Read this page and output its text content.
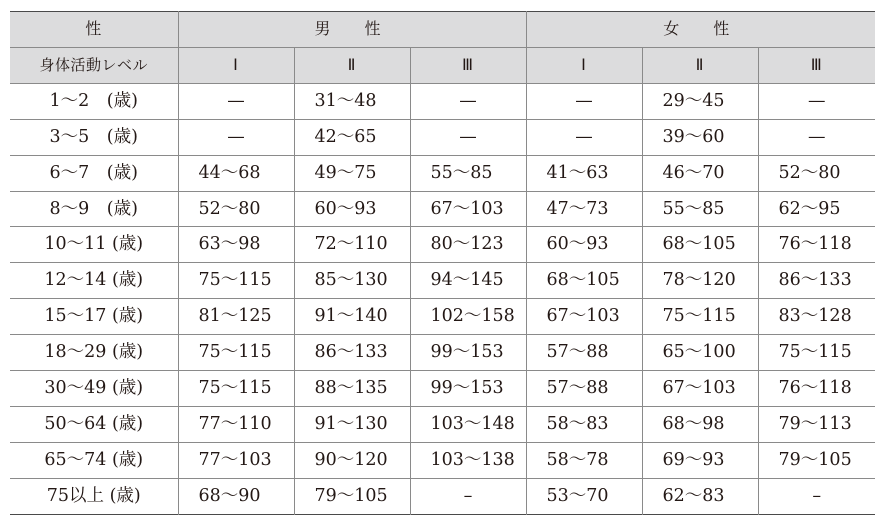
性	男　性			女　性		
身体活動レベル	Ⅰ	Ⅱ	Ⅲ	Ⅰ	Ⅱ	Ⅲ
1～2　(歳)	—	31～48	—	—	29～45	—
3～5　(歳)	—	42～65	—	—	39～60	—
6～7　(歳)	44～68	49～75	55～85	41～63	46～70	52～80
8～9　(歳)	52～80	60～93	67～103	47～73	55～85	62～95
10～11 (歳)	63～98	72～110	80～123	60～93	68～105	76～118
12～14 (歳)	75～115	85～130	94～145	68～105	78～120	86～133
15～17 (歳)	81～125	91～140	102～158	67～103	75～115	83～128
18～29 (歳)	75～115	86～133	99～153	57～88	65～100	75～115
30～49 (歳)	75～115	88～135	99～153	57～88	67～103	76～118
50～64 (歳)	77～110	91～130	103～148	58～83	68～98	79～113
65～74 (歳)	77～103	90～120	103～138	58～78	69～93	79～105
75以上 (歳)	68～90	79～105	–	53～70	62～83	–
